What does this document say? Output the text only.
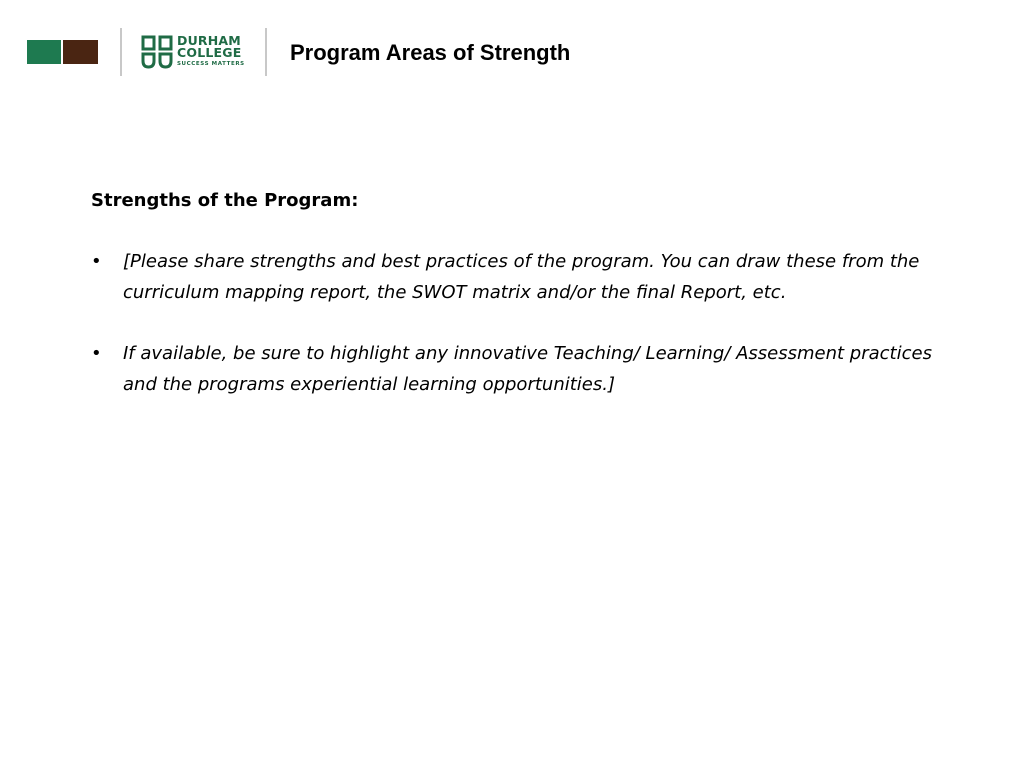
DURHAM
COLLEGE
SUCCESS MATTERS Program Areas of Strength
Strengths of the Program:
• [Please share strengths and best practices of the program. You can draw these from the curriculum mapping report, the SWOT matrix and/or the final Report, etc.
• If available, be sure to highlight any innovative Teaching/ Learning/ Assessment practices and the programs experiential learning opportunities.]
